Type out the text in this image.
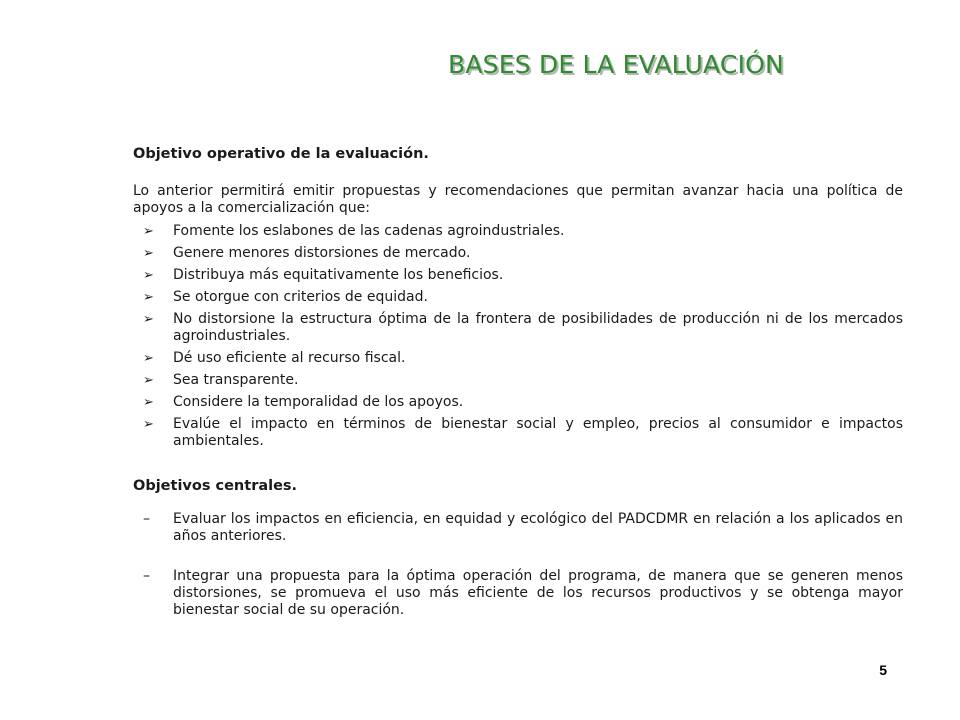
BASES DE LA EVALUACIÓN

Objetivo operativo de la evaluación.

Lo anterior permitirá emitir propuestas y recomendaciones que permitan avanzar hacia una política de apoyos a la comercialización que:

➢ Fomente los eslabones de las cadenas agroindustriales.
➢ Genere menores distorsiones de mercado.
➢ Distribuya más equitativamente los beneficios.
➢ Se otorgue con criterios de equidad.
➢ No distorsione la estructura óptima de la frontera de posibilidades de producción ni de los mercados agroindustriales.
➢ Dé uso eficiente al recurso fiscal.
➢ Sea transparente.
➢ Considere la temporalidad de los apoyos.
➢ Evalúe el impacto en términos de bienestar social y empleo, precios al consumidor e impactos ambientales.

Objetivos centrales.

– Evaluar los impactos en eficiencia, en equidad y ecológico del PADCDMR en relación a los aplicados en años anteriores.
– Integrar una propuesta para la óptima operación del programa, de manera que se generen menos distorsiones, se promueva el uso más eficiente de los recursos productivos y se obtenga mayor bienestar social de su operación.
5
